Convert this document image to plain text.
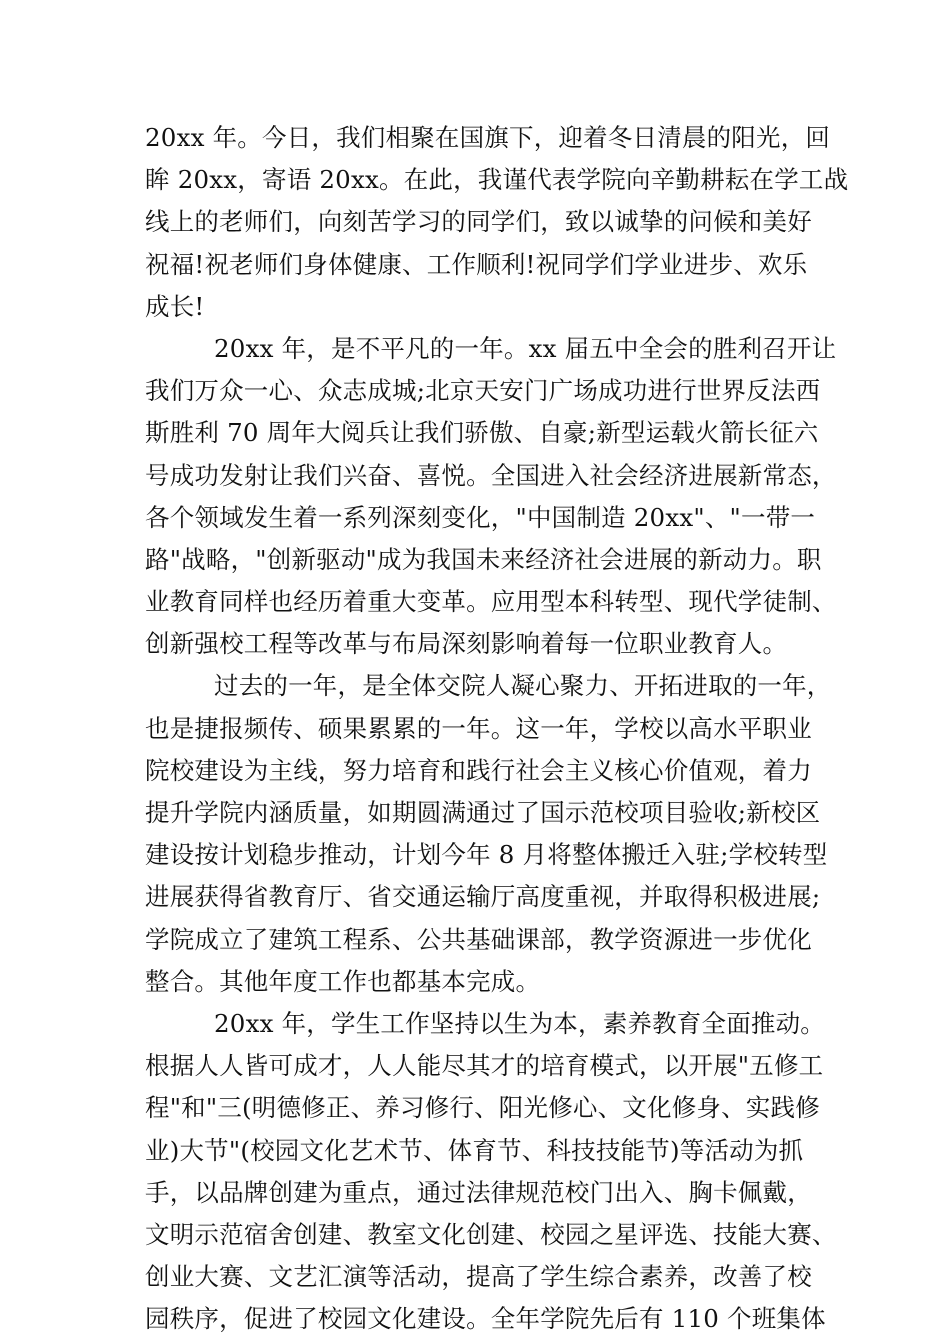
20xx 年。今日，我们相聚在国旗下，迎着冬日清晨的阳光，回
眸 20xx，寄语 20xx。在此，我谨代表学院向辛勤耕耘在学工战
线上的老师们，向刻苦学习的同学们，致以诚挚的问候和美好
祝福!祝老师们身体健康、工作顺利!祝同学们学业进步、欢乐
成长!
20xx 年，是不平凡的一年。xx 届五中全会的胜利召开让
我们万众一心、众志成城;北京天安门广场成功进行世界反法西
斯胜利 70 周年大阅兵让我们骄傲、自豪;新型运载火箭长征六
号成功发射让我们兴奋、喜悦。全国进入社会经济进展新常态，
各个领域发生着一系列深刻变化，"中国制造 20xx"、"一带一
路"战略，"创新驱动"成为我国未来经济社会进展的新动力。职
业教育同样也经历着重大变革。应用型本科转型、现代学徒制、
创新强校工程等改革与布局深刻影响着每一位职业教育人。
过去的一年，是全体交院人凝心聚力、开拓进取的一年，
也是捷报频传、硕果累累的一年。这一年，学校以高水平职业
院校建设为主线，努力培育和践行社会主义核心价值观，着力
提升学院内涵质量，如期圆满通过了国示范校项目验收;新校区
建设按计划稳步推动，计划今年 8 月将整体搬迁入驻;学校转型
进展获得省教育厅、省交通运输厅高度重视，并取得积极进展;
学院成立了建筑工程系、公共基础课部，教学资源进一步优化
整合。其他年度工作也都基本完成。
20xx 年，学生工作坚持以生为本，素养教育全面推动。
根据人人皆可成才，人人能尽其才的培育模式，以开展"五修工
程"和"三(明德修正、养习修行、阳光修心、文化修身、实践修
业)大节"(校园文化艺术节、体育节、科技技能节)等活动为抓
手，以品牌创建为重点，通过法律规范校门出入、胸卡佩戴，
文明示范宿舍创建、教室文化创建、校园之星评选、技能大赛、
创业大赛、文艺汇演等活动，提高了学生综合素养，改善了校
园秩序，促进了校园文化建设。全年学院先后有 110 个班集体
